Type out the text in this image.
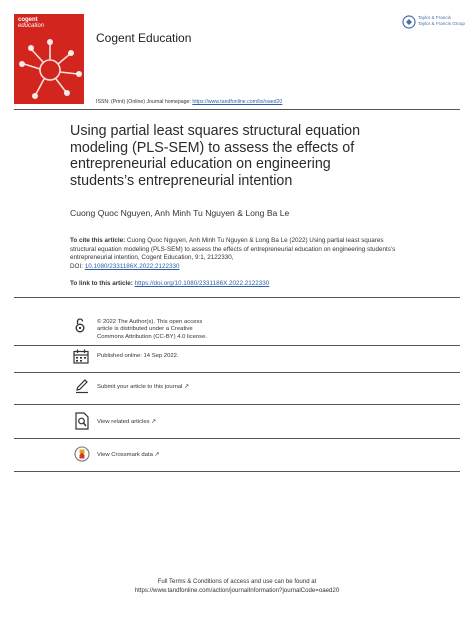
cogent
education
Cogent Education
Taylor & Francis
Taylor & Francis Group
ISSN: (Print) (Online) Journal homepage: https://www.tandfonline.com/loi/oaed20
Using partial least squares structural equation modeling (PLS-SEM) to assess the effects of entrepreneurial education on engineering students’s entrepreneurial intention
Cuong Quoc Nguyen, Anh Minh Tu Nguyen & Long Ba Le
To cite this article: Cuong Quoc Nguyen, Anh Minh Tu Nguyen & Long Ba Le (2022) Using partial least squares structural equation modeling (PLS-SEM) to assess the effects of entrepreneurial education on engineering students’s entrepreneurial intention, Cogent Education, 9:1, 2122330,
DOI: 10.1080/2331186X.2022.2122330
To link to this article: https://doi.org/10.1080/2331186X.2022.2122330
© 2022 The Author(s). This open access
article is distributed under a Creative
Commons Attribution (CC-BY) 4.0 license.
Published online: 14 Sep 2022.
Submit your article to this journal ↗
View related articles ↗
View Crossmark data ↗
Full Terms & Conditions of access and use can be found at
https://www.tandfonline.com/action/journalInformation?journalCode=oaed20
